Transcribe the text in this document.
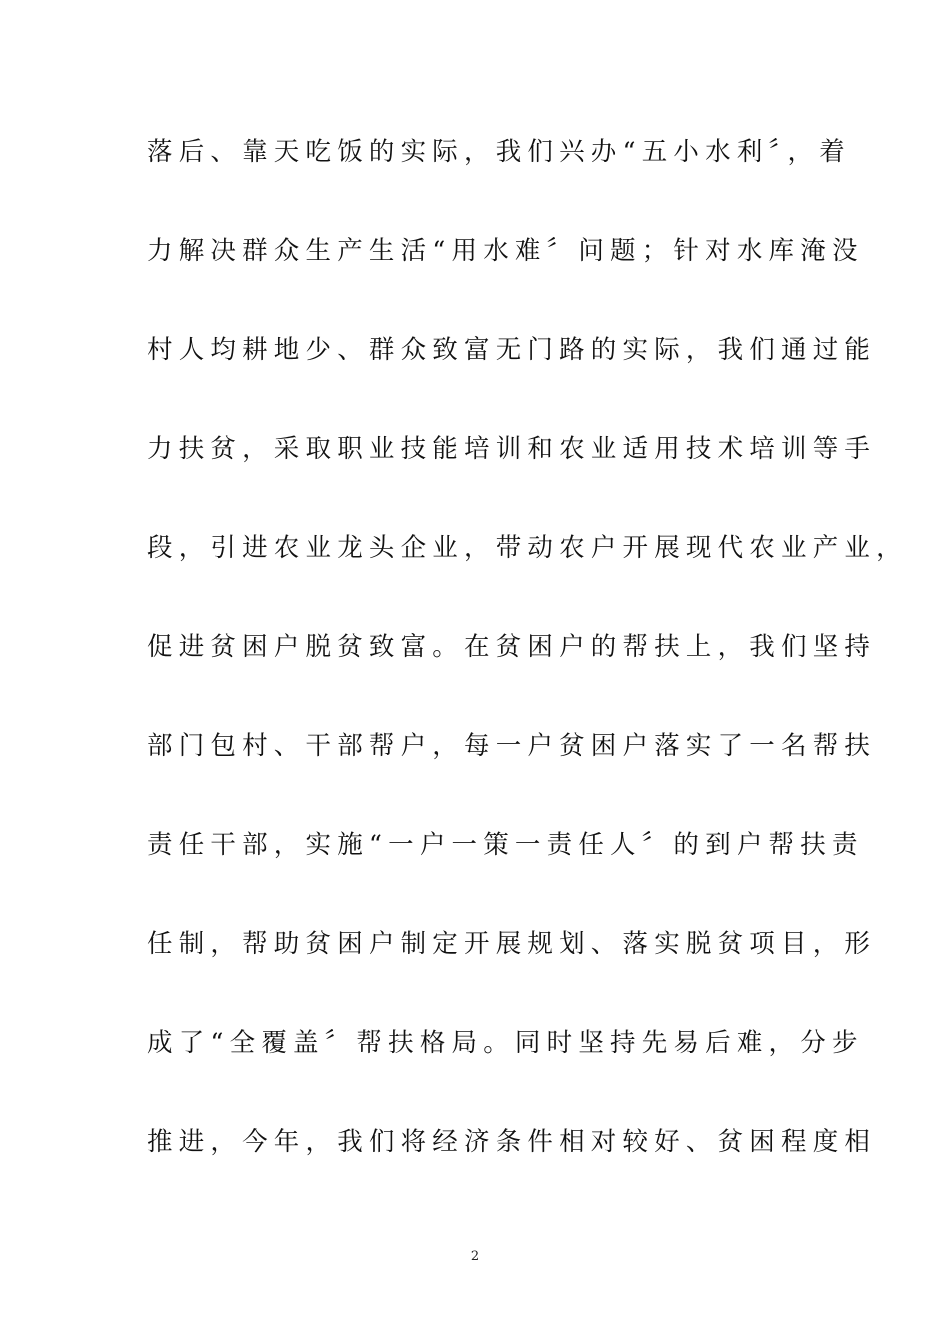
落后、靠天吃饭的实际，我们兴办“五小水利〞，着
力解决群众生产生活“用水难〞问题；针对水库淹没
村人均耕地少、群众致富无门路的实际，我们通过能
力扶贫，采取职业技能培训和农业适用技术培训等手
段，引进农业龙头企业，带动农户开展现代农业产业，
促进贫困户脱贫致富。在贫困户的帮扶上，我们坚持
部门包村、干部帮户，每一户贫困户落实了一名帮扶
责任干部，实施“一户一策一责任人〞的到户帮扶责
任制，帮助贫困户制定开展规划、落实脱贫项目，形
成了“全覆盖〞帮扶格局。同时坚持先易后难，分步
推进，今年，我们将经济条件相对较好、贫困程度相
2
